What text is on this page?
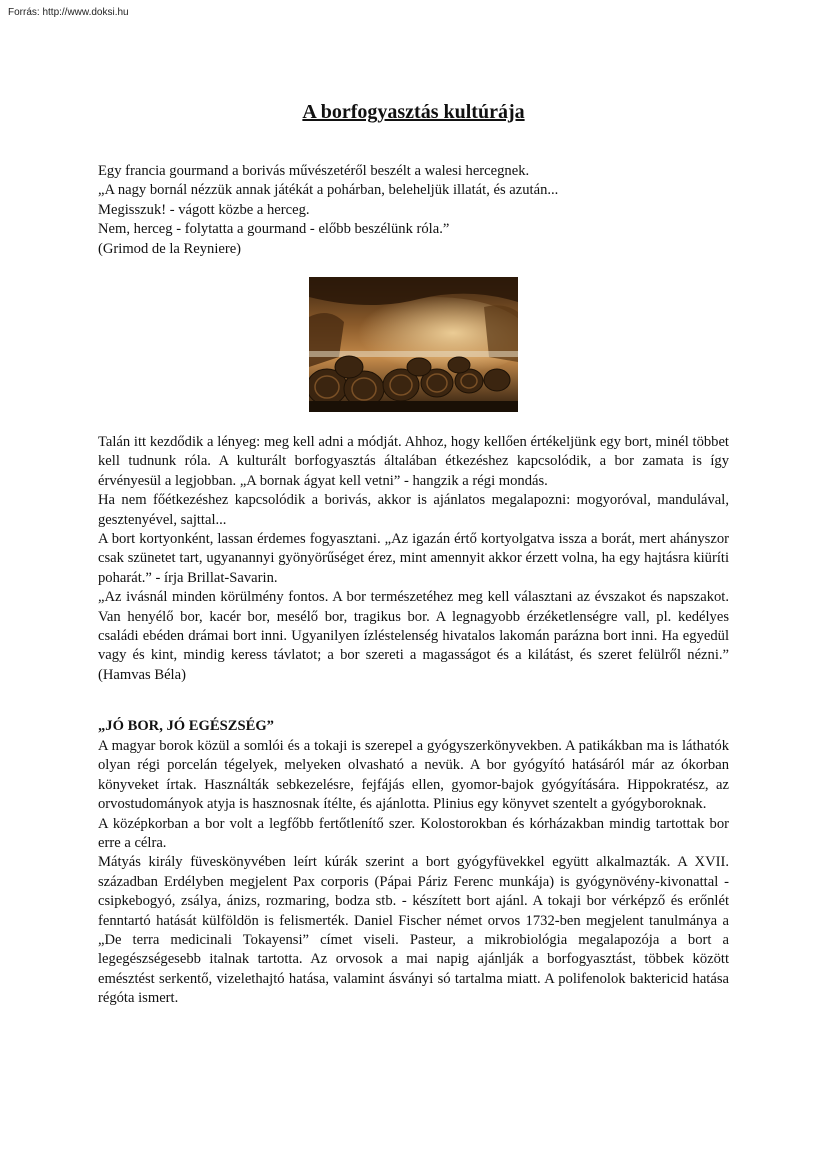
Forrás: http://www.doksi.hu
A borfogyasztás kultúrája
Egy francia gourmand a borivás művészetéről beszélt a walesi hercegnek.
„A nagy bornál nézzük annak játékát a pohárban, beleheljük illatát, és azután...
Megisszuk! - vágott közbe a herceg.
Nem, herceg - folytatta a gourmand - előbb beszélünk róla.”
(Grimod de la Reyniere)

Talán itt kezdődik a lényeg: meg kell adni a módját. Ahhoz, hogy kellően értékeljünk egy bort, minél többet kell tudnunk róla. A kulturált borfogyasztás általában étkezéshez kapcsolódik, a bor zamata is így érvényesül a legjobban. „A bornak ágyat kell vetni” - hangzik a régi mondás.

Ha nem főétkezéshez kapcsolódik a borivás, akkor is ajánlatos megalapozni: mogyoróval, mandulával, gesztenyével, sajttal...

A bort kortyonként, lassan érdemes fogyasztani. „Az igazán értő kortyolgatva issza a borát, mert ahányszor csak szünetet tart, ugyanannyi gyönyörűséget érez, mint amennyit akkor érzett volna, ha egy hajtásra kiüríti poharát.” - írja Brillat-Savarin.

„Az ivásnál minden körülmény fontos. A bor természetéhez meg kell választani az évszakot és napszakot. Van henyélő bor, kacér bor, mesélő bor, tragikus bor. A legnagyobb érzéketlenségre vall, pl. kedélyes családi ebéden drámai bort inni. Ugyanilyen ízléstelenség hivatalos lakomán parázna bort inni. Ha egyedül vagy és kint, mindig keress távlatot; a bor szereti a magasságot és a kilátást, és szeret felülről nézni.” (Hamvas Béla)

„JÓ BOR, JÓ EGÉSZSÉG”

A magyar borok közül a somlói és a tokaji is szerepel a gyógyszerkönyvekben. A patikákban ma is láthatók olyan régi porcelán tégelyek, melyeken olvasható a nevük. A bor gyógyító hatásáról már az ókorban könyveket írtak. Használták sebkezelésre, fejfájás ellen, gyomor-bajok gyógyítására. Hippokratész, az orvostudományok atyja is hasznosnak ítélte, és ajánlotta. Plinius egy könyvet szentelt a gyógyboroknak.

A középkorban a bor volt a legfőbb fertőtlenítő szer. Kolostorokban és kórházakban mindig tartottak bor erre a célra.

Mátyás király füveskönyvében leírt kúrák szerint a bort gyógyfüvekkel együtt alkalmazták. A XVII. században Erdélyben megjelent Pax corporis (Pápai Páriz Ferenc munkája) is gyógynövény-kivonattal - csipkebogyó, zsálya, ánizs, rozmaring, bodza stb. - készített bort ajánl. A tokaji bor vérképző és erőnlét fenntartó hatását külföldön is felismerték. Daniel Fischer német orvos 1732-ben megjelent tanulmánya a „De terra medicinali Tokayensi” címet viseli. Pasteur, a mikrobiológia megalapozója a bort a legegészségesebb italnak tartotta. Az orvosok a mai napig ajánlják a borfogyasztást, többek között emésztést serkentő, vizelethajtó hatása, valamint ásványi só tartalma miatt. A polifenolok baktericid hatása régóta ismert.
